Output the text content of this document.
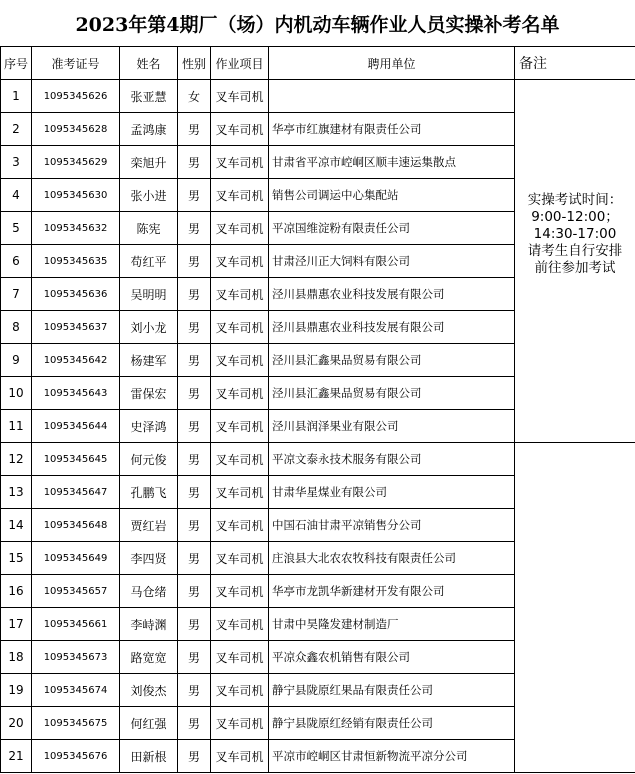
2023年第4期厂（场）内机动车辆作业人员实操补考名单
序号	准考证号	姓名	性别	作业项目	聘用单位	备注
1	1095345626	张亚慧	女	叉车司机		实操考试时间：
9:00-12:00；
14:30-17:00
请考生自行安排
前往参加考试

2	1095345628	孟鸿康	男	叉车司机	华亭市红旗建材有限责任公司	
3	1095345629	栾旭升	男	叉车司机	甘肃省平凉市崆峒区顺丰速运集散点	
4	1095345630	张小进	男	叉车司机	销售公司调运中心集配站	
5	1095345632	陈宪	男	叉车司机	平凉国维淀粉有限责任公司	
6	1095345635	苟红平	男	叉车司机	甘肃泾川正大饲料有限公司	
7	1095345636	吴明明	男	叉车司机	泾川县鼎惠农业科技发展有限公司	
8	1095345637	刘小龙	男	叉车司机	泾川县鼎惠农业科技发展有限公司	
9	1095345642	杨建军	男	叉车司机	泾川县汇鑫果品贸易有限公司	
10	1095345643	雷保宏	男	叉车司机	泾川县汇鑫果品贸易有限公司	
11	1095345644	史泽鸿	男	叉车司机	泾川县润泽果业有限公司	
12	1095345645	何元俊	男	叉车司机	平凉文泰永技术服务有限公司	
13	1095345647	孔鹏飞	男	叉车司机	甘肃华星煤业有限公司	
14	1095345648	贾红岩	男	叉车司机	中国石油甘肃平凉销售分公司	
15	1095345649	李四贤	男	叉车司机	庄浪县大北农农牧科技有限责任公司	
16	1095345657	马仓绪	男	叉车司机	华亭市龙凯华新建材开发有限公司	
17	1095345661	李峙渊	男	叉车司机	甘肃中昊隆发建材制造厂	
18	1095345673	路宽宽	男	叉车司机	平凉众鑫农机销售有限公司	
19	1095345674	刘俊杰	男	叉车司机	静宁县陇原红果品有限责任公司	
20	1095345675	何红强	男	叉车司机	静宁县陇原红经销有限责任公司	
21	1095345676	田新根	男	叉车司机	平凉市崆峒区甘肃恒新物流平凉分公司	
